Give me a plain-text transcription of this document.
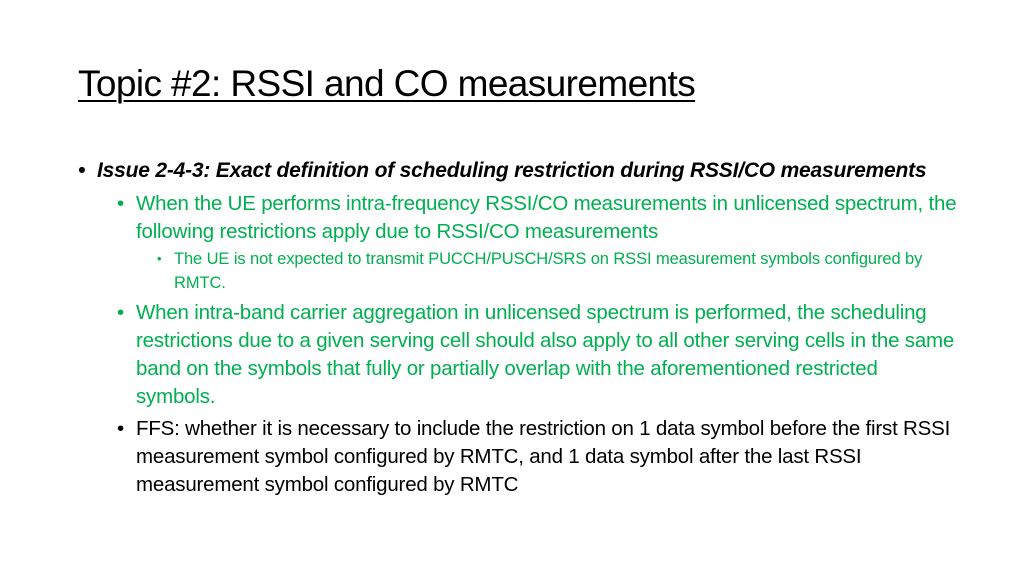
Topic #2: RSSI and CO measurements
• Issue 2-4-3: Exact definition of scheduling restriction during RSSI/CO measurements
• When the UE performs intra-frequency RSSI/CO measurements in unlicensed spectrum, the following restrictions apply due to RSSI/CO measurements
• The UE is not expected to transmit PUCCH/PUSCH/SRS on RSSI measurement symbols configured by RMTC.
• When intra-band carrier aggregation in unlicensed spectrum is performed, the scheduling restrictions due to a given serving cell should also apply to all other serving cells in the same band on the symbols that fully or partially overlap with the aforementioned restricted symbols.
• FFS: whether it is necessary to include the restriction on 1 data symbol before the first RSSI measurement symbol configured by RMTC, and 1 data symbol after the last RSSI measurement symbol configured by RMTC
